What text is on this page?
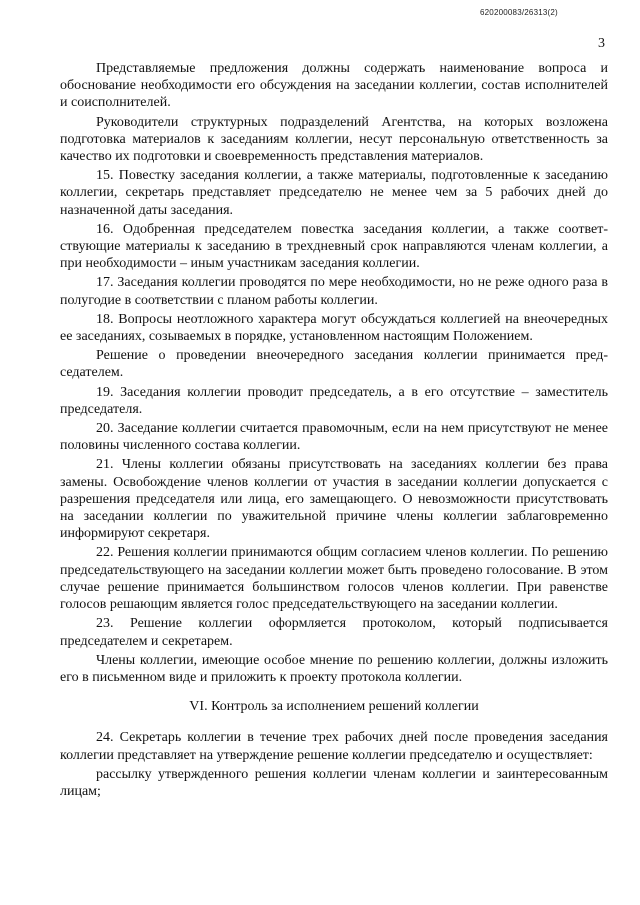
620200083/26313(2)
3

Представляемые предложения должны содержать наименование вопроса и обоснование необходимости его обсуждения на заседании коллегии, состав исполнителей и соисполнителей.

Руководители структурных подразделений Агентства, на которых возложена подготовка материалов к заседаниям коллегии, несут персональную ответственность за качество их подготовки и своевременность представления материалов.

15. Повестку заседания коллегии, а также материалы, подготовленные к заседанию коллегии, секретарь представляет председателю не менее чем за 5 рабочих дней до назначенной даты заседания.

16. Одобренная председателем повестка заседания коллегии, а также соответствующие материалы к заседанию в трехдневный срок направляются членам коллегии, а при необходимости – иным участникам заседания коллегии.

17. Заседания коллегии проводятся по мере необходимости, но не реже одного раза в полугодие в соответствии с планом работы коллегии.

18. Вопросы неотложного характера могут обсуждаться коллегией на внеочередных ее заседаниях, созываемых в порядке, установленном настоящим Положением.

Решение о проведении внеочередного заседания коллегии принимается председателем.

19. Заседания коллегии проводит председатель, а в его отсутствие – заместитель председателя.

20. Заседание коллегии считается правомочным, если на нем присутствуют не менее половины численного состава коллегии.

21. Члены коллегии обязаны присутствовать на заседаниях коллегии без права замены. Освобождение членов коллегии от участия в заседании коллегии допускается с разрешения председателя или лица, его замещающего. О невозможности присутствовать на заседании коллегии по уважительной причине члены коллегии заблаговременно информируют секретаря.

22. Решения коллегии принимаются общим согласием членов коллегии. По решению председательствующего на заседании коллегии может быть проведено голосование. В этом случае решение принимается большинством голосов членов коллегии. При равенстве голосов решающим является голос председательствующего на заседании коллегии.

23. Решение коллегии оформляется протоколом, который подписывается председателем и секретарем.

Члены коллегии, имеющие особое мнение по решению коллегии, должны изложить его в письменном виде и приложить к проекту протокола коллегии.

VI. Контроль за исполнением решений коллегии

24. Секретарь коллегии в течение трех рабочих дней после проведения заседания коллегии представляет на утверждение решение коллегии председателю и осуществляет:

рассылку утвержденного решения коллегии членам коллегии и заинтересованным лицам;
